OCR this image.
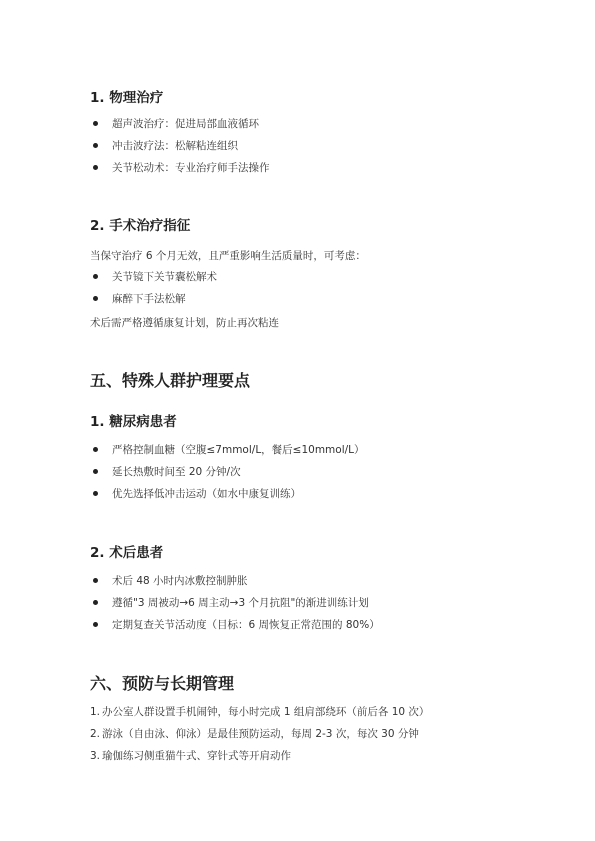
1. 物理治疗
超声波治疗：促进局部血液循环
冲击波疗法：松解粘连组织
关节松动术：专业治疗师手法操作
2. 手术治疗指征
当保守治疗 6 个月无效，且严重影响生活质量时，可考虑：
关节镜下关节囊松解术
麻醉下手法松解
术后需严格遵循康复计划，防止再次粘连
五、特殊人群护理要点
1. 糖尿病患者
严格控制血糖（空腹≤7mmol/L，餐后≤10mmol/L）
延长热敷时间至 20 分钟/次
优先选择低冲击运动（如水中康复训练）
2. 术后患者
术后 48 小时内冰敷控制肿胀
遵循"3 周被动→6 周主动→3 个月抗阻"的渐进训练计划
定期复查关节活动度（目标：6 周恢复正常范围的 80%）
六、预防与长期管理
1. 办公室人群设置手机闹钟，每小时完成 1 组肩部绕环（前后各 10 次）
2. 游泳（自由泳、仰泳）是最佳预防运动，每周 2-3 次，每次 30 分钟
3. 瑜伽练习侧重猫牛式、穿针式等开肩动作
